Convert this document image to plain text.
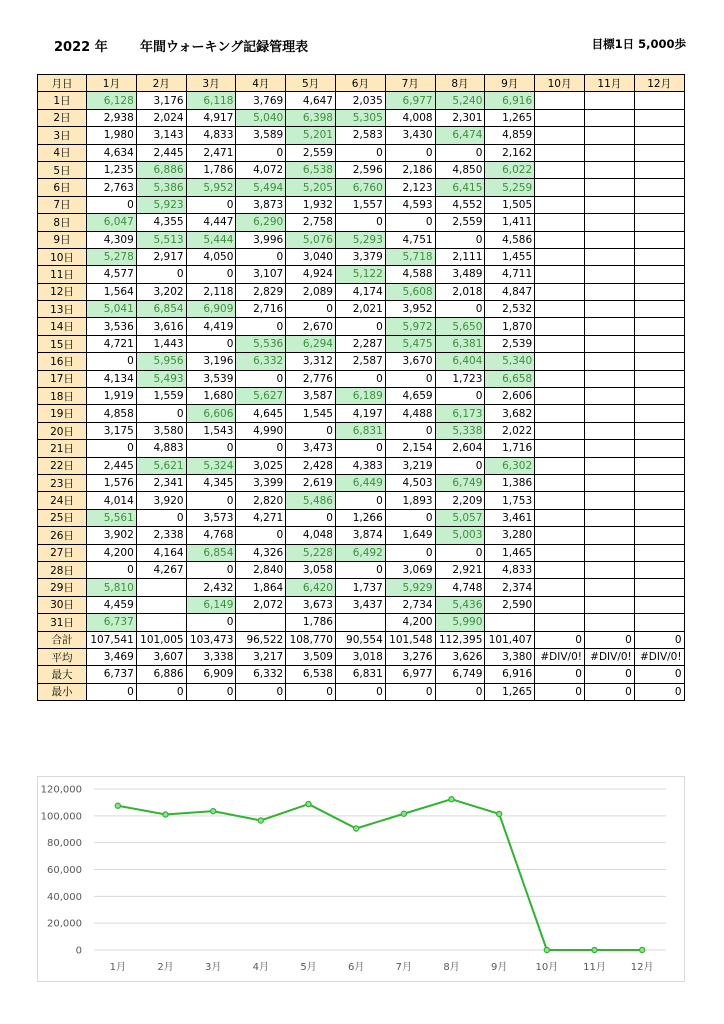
2022 年 年間ウォーキング記録管理表	目標1日 5,000歩
月日	1月	2月	3月	4月	5月	6月	7月	8月	9月	10月	11月	12月
1日	6,128	3,176	6,118	3,769	4,647	2,035	6,977	5,240	6,916			
2日	2,938	2,024	4,917	5,040	6,398	5,305	4,008	2,301	1,265			
3日	1,980	3,143	4,833	3,589	5,201	2,583	3,430	6,474	4,859			
4日	4,634	2,445	2,471	0	2,559	0	0	0	2,162			
5日	1,235	6,886	1,786	4,072	6,538	2,596	2,186	4,850	6,022			
6日	2,763	5,386	5,952	5,494	5,205	6,760	2,123	6,415	5,259			
7日	0	5,923	0	3,873	1,932	1,557	4,593	4,552	1,505			
8日	6,047	4,355	4,447	6,290	2,758	0	0	2,559	1,411			
9日	4,309	5,513	5,444	3,996	5,076	5,293	4,751	0	4,586			
10日	5,278	2,917	4,050	0	3,040	3,379	5,718	2,111	1,455			
11日	4,577	0	0	3,107	4,924	5,122	4,588	3,489	4,711			
12日	1,564	3,202	2,118	2,829	2,089	4,174	5,608	2,018	4,847			
13日	5,041	6,854	6,909	2,716	0	2,021	3,952	0	2,532			
14日	3,536	3,616	4,419	0	2,670	0	5,972	5,650	1,870			
15日	4,721	1,443	0	5,536	6,294	2,287	5,475	6,381	2,539			
16日	0	5,956	3,196	6,332	3,312	2,587	3,670	6,404	5,340			
17日	4,134	5,493	3,539	0	2,776	0	0	1,723	6,658			
18日	1,919	1,559	1,680	5,627	3,587	6,189	4,659	0	2,606			
19日	4,858	0	6,606	4,645	1,545	4,197	4,488	6,173	3,682			
20日	3,175	3,580	1,543	4,990	0	6,831	0	5,338	2,022			
21日	0	4,883	0	0	3,473	0	2,154	2,604	1,716			
22日	2,445	5,621	5,324	3,025	2,428	4,383	3,219	0	6,302			
23日	1,576	2,341	4,345	3,399	2,619	6,449	4,503	6,749	1,386			
24日	4,014	3,920	0	2,820	5,486	0	1,893	2,209	1,753			
25日	5,561	0	3,573	4,271	0	1,266	0	5,057	3,461			
26日	3,902	2,338	4,768	0	4,048	3,874	1,649	5,003	3,280			
27日	4,200	4,164	6,854	4,326	5,228	6,492	0	0	1,465			
28日	0	4,267	0	2,840	3,058	0	3,069	2,921	4,833			
29日	5,810		2,432	1,864	6,420	1,737	5,929	4,748	2,374			
30日	4,459		6,149	2,072	3,673	3,437	2,734	5,436	2,590			
31日	6,737		0		1,786		4,200	5,990				
合計	107,541	101,005	103,473	96,522	108,770	90,554	101,548	112,395	101,407	0	0	0
平均	3,469	3,607	3,338	3,217	3,509	3,018	3,276	3,626	3,380	#DIV/0!	#DIV/0!	#DIV/0!
最大	6,737	6,886	6,909	6,332	6,538	6,831	6,977	6,749	6,916	0	0	0
最小	0	0	0	0	0	0	0	0	1,265	0	0	0
120,000
100,000
80,000
60,000
40,000
20,000
0
1月	2月	3月	4月	5月	6月	7月	8月	9月	10月 11月 12月
